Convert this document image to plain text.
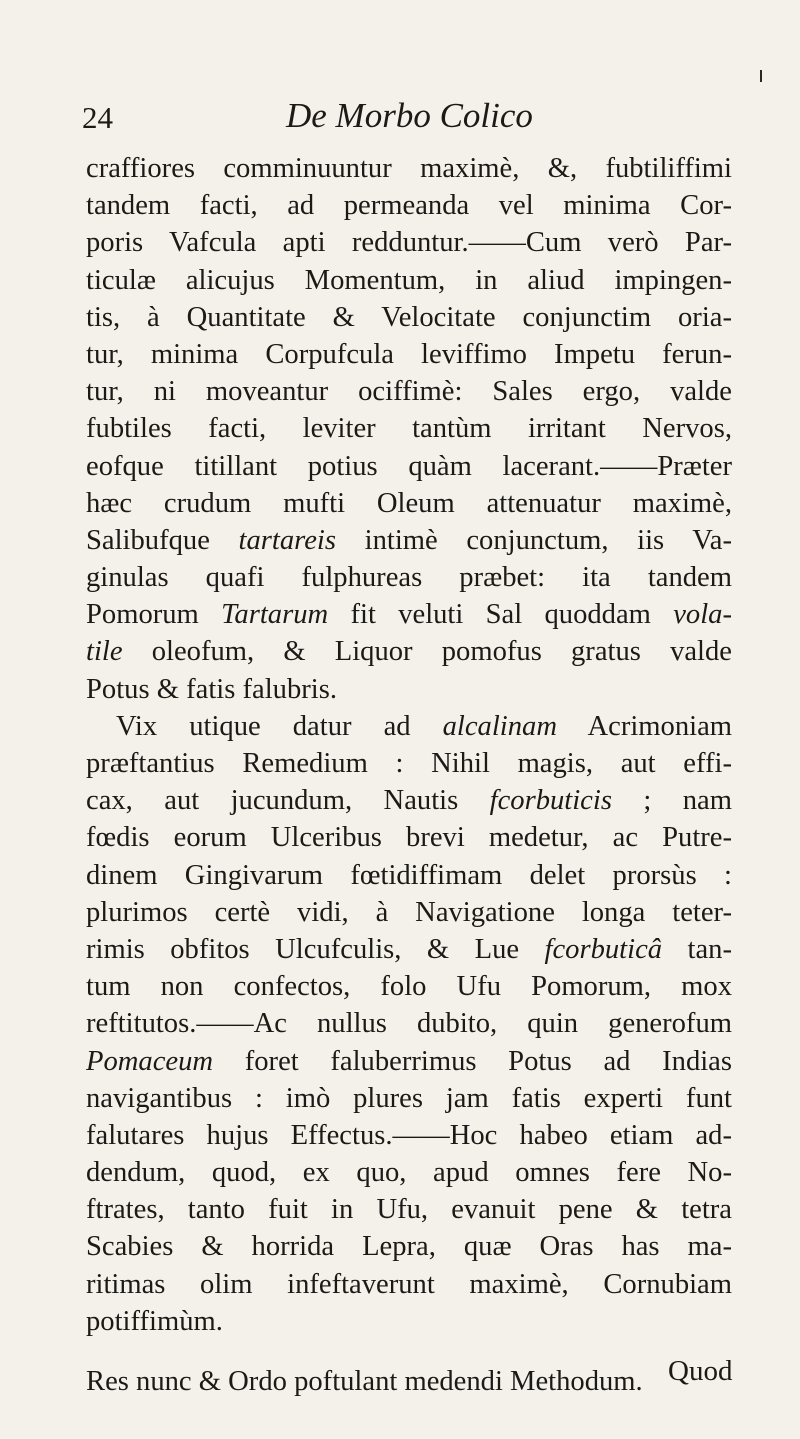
24	De Morbo Colico
craffiores comminuuntur maximè, &, fubtiliffimi
tandem facti, ad permeanda vel minima Cor-
poris Vafcula apti redduntur.——Cum verò Par-
ticulæ alicujus Momentum, in aliud impingen-
tis, à Quantitate & Velocitate conjunctim oria-
tur, minima Corpufcula leviffimo Impetu ferun-
tur, ni moveantur ociffimè: Sales ergo, valde
fubtiles facti, leviter tantùm irritant Nervos,
eofque titillant potius quàm lacerant.——Præter
hæc crudum mufti Oleum attenuatur maximè,
Salibufque tartareis intimè conjunctum, iis Va-
ginulas quafi fulphureas præbet: ita tandem
Pomorum Tartarum fit veluti Sal quoddam vola-
tile oleofum, & Liquor pomofus gratus valde
Potus & fatis falubris.
Vix utique datur ad alcalinam Acrimoniam
præftantius Remedium : Nihil magis, aut effi-
cax, aut jucundum, Nautis fcorbuticis ; nam
fœdis eorum Ulceribus brevi medetur, ac Putre-
dinem Gingivarum fœtidiffimam delet prorsùs :
plurimos certè vidi, à Navigatione longa teter-
rimis obfitos Ulcufculis, & Lue fcorbuticâ tan-
tum non confectos, folo Ufu Pomorum, mox
reftitutos.——Ac nullus dubito, quin generofum
Pomaceum foret faluberrimus Potus ad Indias
navigantibus : imò plures jam fatis experti funt
falutares hujus Effectus.——Hoc habeo etiam ad-
dendum, quod, ex quo, apud omnes fere No-
ftrates, tanto fuit in Ufu, evanuit pene & tetra
Scabies & horrida Lepra, quæ Oras has ma-
ritimas olim infeftaverunt maximè, Cornubiam
potiffimùm.
Res nunc & Ordo poftulant medendi Methodum. Quod
